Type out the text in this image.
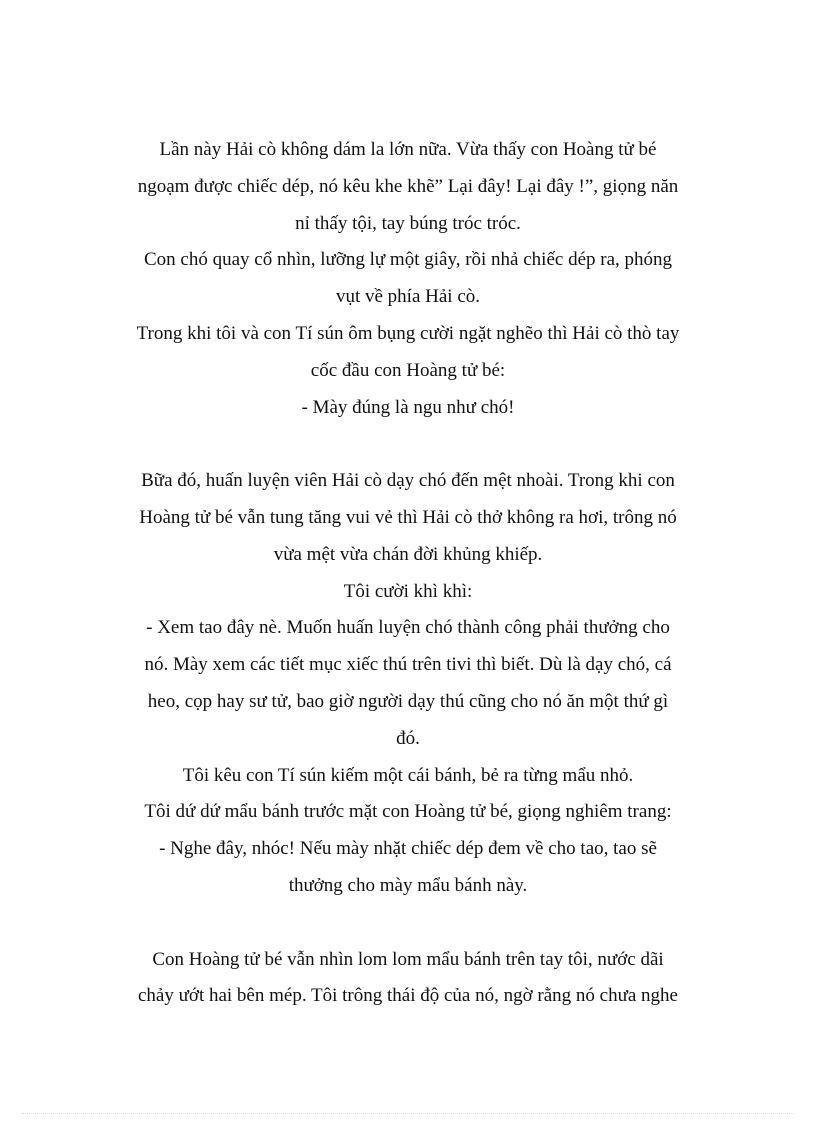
Lần này Hải cò không dám la lớn nữa. Vừa thấy con Hoàng tử bé
ngoạm được chiếc dép, nó kêu khe khẽ” Lại đây! Lại đây !”, giọng năn
nỉ thấy tội, tay búng tróc tróc.
Con chó quay cổ nhìn, lưỡng lự một giây, rồi nhả chiếc dép ra, phóng
vụt về phía Hải cò.
Trong khi tôi và con Tí sún ôm bụng cười ngặt nghẽo thì Hải cò thò tay
cốc đầu con Hoàng tử bé:
- Mày đúng là ngu như chó!
Bữa đó, huấn luyện viên Hải cò dạy chó đến mệt nhoài. Trong khi con
Hoàng tử bé vẫn tung tăng vui vẻ thì Hải cò thở không ra hơi, trông nó
vừa mệt vừa chán đời khủng khiếp.
Tôi cười khì khì:
- Xem tao đây nè. Muốn huấn luyện chó thành công phải thưởng cho
nó. Mày xem các tiết mục xiếc thú trên tivi thì biết. Dù là dạy chó, cá
heo, cọp hay sư tử, bao giờ người dạy thú cũng cho nó ăn một thứ gì
đó.
Tôi kêu con Tí sún kiếm một cái bánh, bẻ ra từng mẩu nhỏ.
Tôi dứ dứ mẩu bánh trước mặt con Hoàng tử bé, giọng nghiêm trang:
- Nghe đây, nhóc! Nếu mày nhặt chiếc dép đem về cho tao, tao sẽ
thưởng cho mày mẩu bánh này.
Con Hoàng tử bé vẫn nhìn lom lom mẩu bánh trên tay tôi, nước dãi
chảy ướt hai bên mép. Tôi trông thái độ của nó, ngờ rằng nó chưa nghe
